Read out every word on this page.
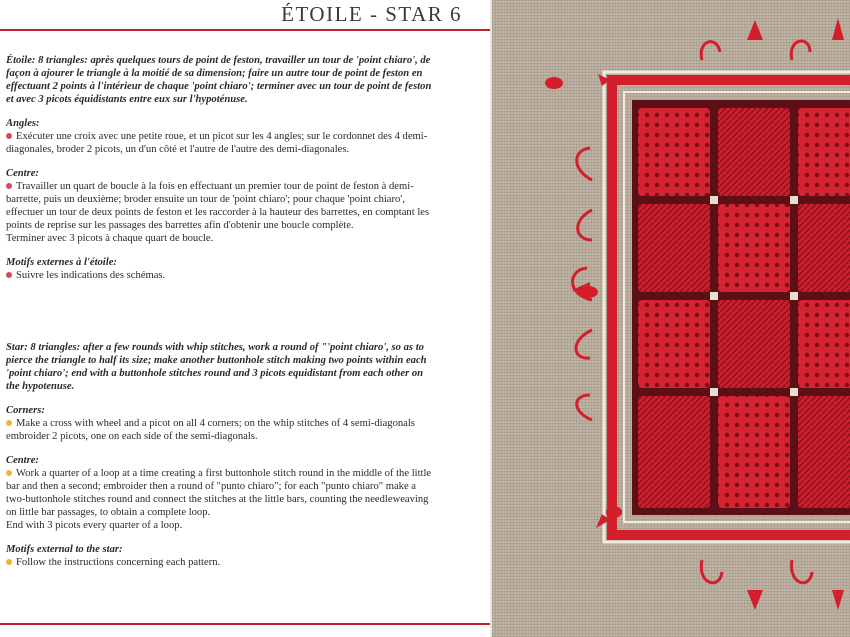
ÉTOILE - STAR 6

Étoile: 8 triangles: après quelques tours de point de feston, travailler un tour de 'point chiaro', de façon à ajourer le triangle à la moitié de sa dimension; faire un autre tour de point de feston en effectuant 2 points à l'intérieur de chaque 'point chiaro'; terminer avec un tour de point de feston et avec 3 picots équidistants entre eux sur l'hypoténuse.

Angles:

Exécuter une croix avec une petite roue, et un picot sur les 4 angles; sur le cordonnet des 4 demi-diagonales, broder 2 picots, un d'un côté et l'autre de l'autre des demi-diagonales.

Centre:

Travailler un quart de boucle à la fois en effectuant un premier tour de point de feston à demi-barrette, puis un deuxième; broder ensuite un tour de 'point chiaro'; pour chaque 'point chiaro', effectuer un tour de deux points de feston et les raccorder à la hauteur des barrettes, en comptant les points de reprise sur les passages des barrettes afin d'obtenir une boucle complète.
Terminer avec 3 picots à chaque quart de boucle.

Motifs externes à l'étoile:

Suivre les indications des schémas.

Star: 8 triangles: after a few rounds with whip stitches, work a round of "'point chiaro', so as to pierce the triangle to half its size; make another buttonhole stitch making two points within each 'point chiaro'; end with a buttonhole stitches round and 3 picots equidistant from each other on the hypotenuse.

Corners:

Make a cross with wheel and a picot on all 4 corners; on the whip stitches of 4 semi-diagonals embroider 2 picots, one on each side of the semi-diagonals.

Centre:

Work a quarter of a loop at a time creating a first buttonhole stitch round in the middle of the little bar and then a second; embroider then a round of "punto chiaro"; for each "punto chiaro" make a two-buttonhole stitches round and connect the stitches at the little bars, counting the needleweaving on little bar passages, to obtain a complete loop.
End with 3 picots every quarter of a loop.

Motifs external to the star:

Follow the instructions concerning each pattern.
